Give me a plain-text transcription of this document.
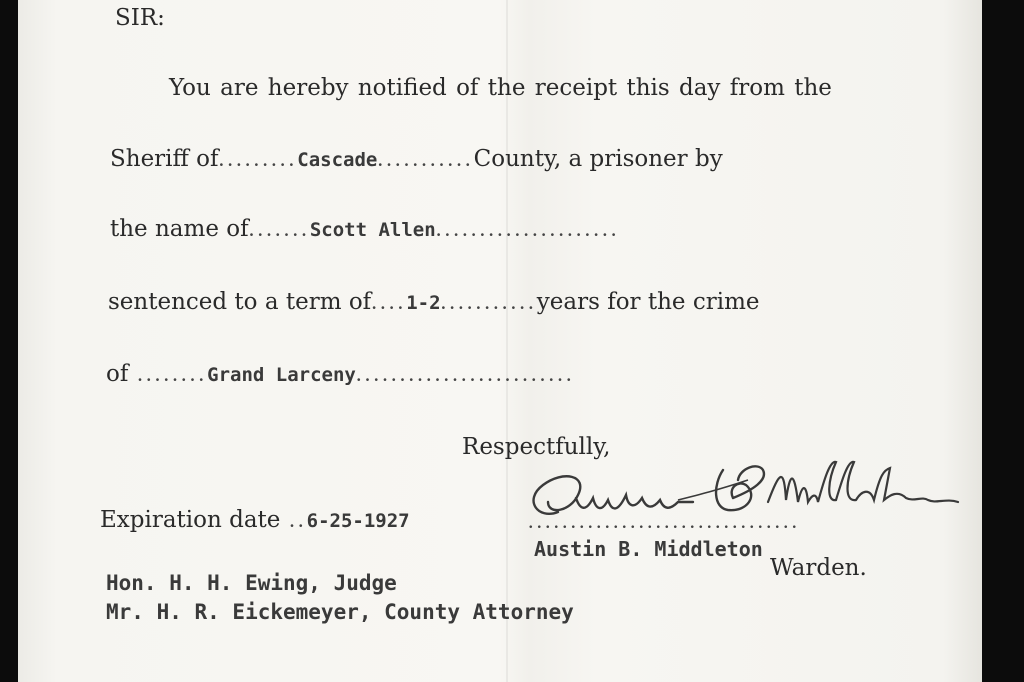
SIR:
You are hereby notified of the receipt this day from the
Sheriff of.........Cascade...........County, a prisoner by
the name of.......Scott Allen.....................
sentenced to a term of....1-2...........years for the crime
of ........Grand Larceny.........................
Respectfully,
Expiration date ..6-25-1927	................................
Austin B. Middleton
Warden.
Hon. H. H. Ewing, Judge
Mr. H. R. Eickemeyer, County Attorney
